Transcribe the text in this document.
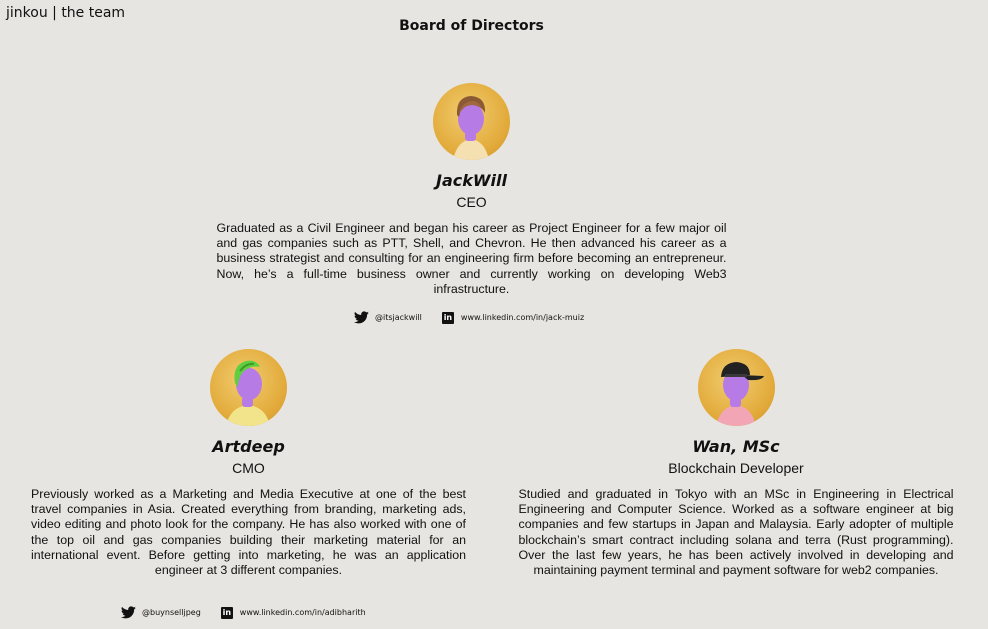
jinkou | the team
Board of Directors
JackWill
CEO
Graduated as a Civil Engineer and began his career as Project Engineer for a few major oil and gas companies such as PTT, Shell, and Chevron. He then advanced his career as a business strategist and consulting for an engineering firm before becoming an entrepreneur. Now, he’s a full-time business owner and currently working on developing Web3 infrastructure.
@itsjackwill	in www.linkedin.com/in/jack-muiz
Artdeep
CMO
Previously worked as a Marketing and Media Executive at one of the best travel companies in Asia. Created everything from branding, marketing ads, video editing and photo look for the company. He has also worked with one of the top oil and gas companies building their marketing material for an international event. Before getting into marketing, he was an application engineer at 3 different companies.
@buynselljpeg	in www.linkedin.com/in/adibharith
Wan, MSc
Blockchain Developer
Studied and graduated in Tokyo with an MSc in Engineering in Electrical Engineering and Computer Science. Worked as a software engineer at big companies and few startups in Japan and Malaysia. Early adopter of multiple blockchain’s smart contract including solana and terra (Rust programming). Over the last few years, he has been actively involved in developing and maintaining payment terminal and payment software for web2 companies.
